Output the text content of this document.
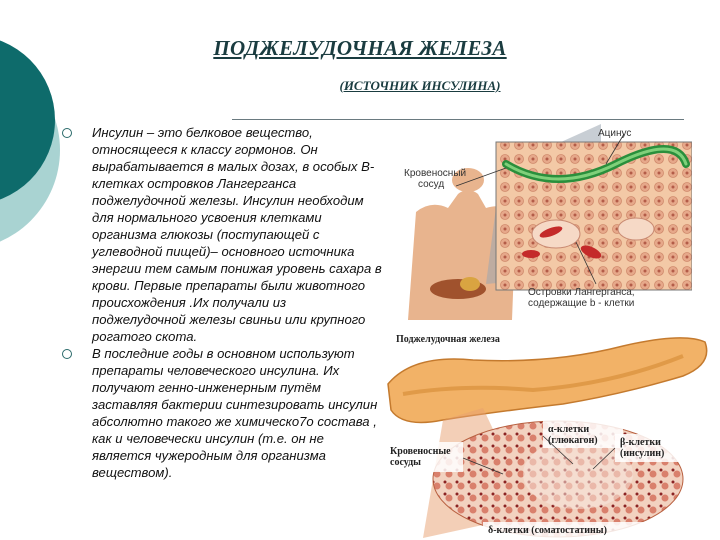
ПОДЖЕЛУДОЧНАЯ ЖЕЛЕЗА
(ИСТОЧНИК ИНСУЛИНА)
Инсулин – это белковое вещество, относящееся к классу гормонов. Он вырабатывается в малых дозах, в особых B-клетках островков Лангерганса поджелудочной железы. Инсулин необходим для нормального усвоения клетками организма глюкозы (поступающей с углеводной пищей)– основного источника энергии тем самым понижая уровень сахара в крови. Первые препараты были животного происхождения .Их получали из поджелудочной железы свиньи или крупного рогатого скота.
В последние годы в основном используют препараты человеческого инсулина. Их получают генно-инженерным путём заставляя бактерии синтезировать инсулин абсолютно такого же химическо7о состава , как и человечески инсулин (т.е. он не является чужеродным для организма веществом).
Ацинус
Кровеносный
сосуд
Островки Лангерганса,
содержащие b - клетки
Поджелудочная железа
α-клетки
(глюкагон) β-клетки
(инсулин)
Кровеносные
сосуды
δ-клетки (соматостатины)
